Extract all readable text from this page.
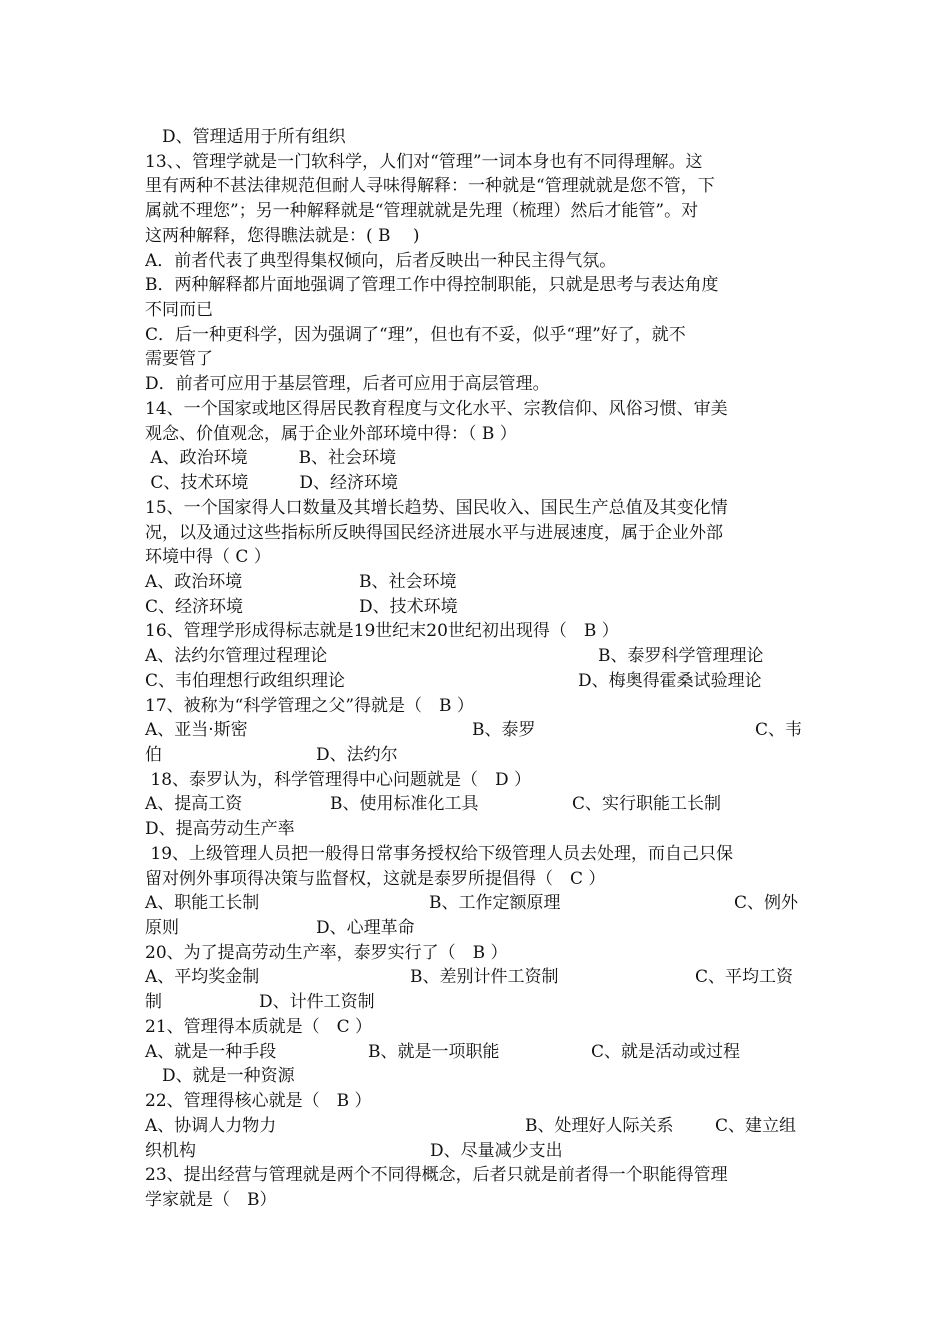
　D、管理适用于所有组织
13、、管理学就是一门软科学，人们对“管理”一词本身也有不同得理解。这
里有两种不甚法律规范但耐人寻味得解释：一种就是“管理就就是您不管，下
属就不理您”；另一种解释就是“管理就就是先理（梳理）然后才能管”。对
这两种解释，您得瞧法就是：( B　 )
A．前者代表了典型得集权倾向，后者反映出一种民主得气氛。
B．两种解释都片面地强调了管理工作中得控制职能，只就是思考与表达角度
不同而已
C．后一种更科学，因为强调了“理”，但也有不妥，似乎“理”好了，就不
需要管了
D．前者可应用于基层管理，后者可应用于高层管理。
14、一个国家或地区得居民教育程度与文化水平、宗教信仰、风俗习惯、审美
观念、价值观念，属于企业外部环境中得：（ B ）
A、政治环境　　　B、社会环境
C、技术环境　　　D、经济环境
15、一个国家得人口数量及其增长趋势、国民收入、国民生产总值及其变化情
况，以及通过这些指标所反映得国民经济进展水平与进展速度，属于企业外部
环境中得（ C ）
16、管理学形成得标志就是19世纪末20世纪初出现得（　B ）
17、被称为“科学管理之父”得就是（　B ）
18、泰罗认为，科学管理得中心问题就是（　D ）
D、提高劳动生产率
19、上级管理人员把一般得日常事务授权给下级管理人员去处理，而自己只保
留对例外事项得决策与监督权，这就是泰罗所提倡得（　C ）
20、为了提高劳动生产率，泰罗实行了（　B ）
21、管理得本质就是（　C ）
　D、就是一种资源
22、管理得核心就是（　B ）
23、提出经营与管理就是两个不同得概念，后者只就是前者得一个职能得管理
学家就是（　B）
A、政治环境	B、社会环境
C、经济环境	D、技术环境
A、法约尔管理过程理论	B、泰罗科学管理理论
C、韦伯理想行政组织理论	D、梅奥得霍桑试验理论
A、亚当·斯密	B、泰罗	C、韦
伯	D、法约尔
A、提高工资	B、使用标准化工具	C、实行职能工长制
A、职能工长制	B、工作定额原理	C、例外
原则	D、心理革命
A、平均奖金制	B、差别计件工资制	C、平均工资
制	D、计件工资制
A、就是一种手段	B、就是一项职能	C、就是活动或过程
A、协调人力物力	B、处理好人际关系 C、建立组
织机构	D、尽量减少支出
